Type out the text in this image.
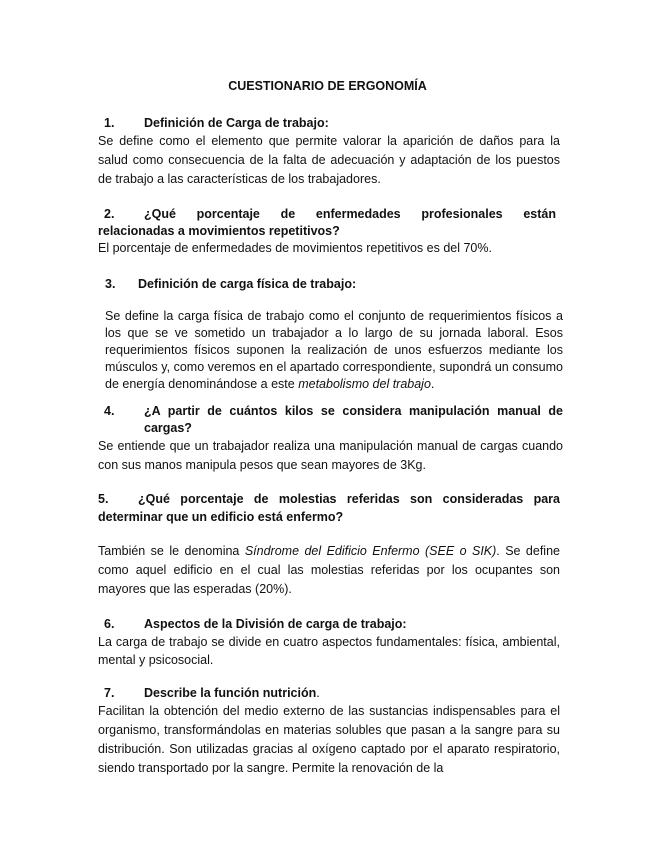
CUESTIONARIO DE ERGONOMÍA
1. Definición de Carga de trabajo:
Se define como el elemento que permite valorar la aparición de daños para la salud como consecuencia de la falta de adecuación y adaptación de los puestos de trabajo a las características de los trabajadores.
2. ¿Qué porcentaje de enfermedades profesionales están
relacionadas a movimientos repetitivos?
El porcentaje de enfermedades de movimientos repetitivos es del 70%.
3. Definición de carga física de trabajo:
Se define la carga física de trabajo como el conjunto de requerimientos físicos a los que se ve sometido un trabajador a lo largo de su jornada laboral. Esos requerimientos físicos suponen la realización de unos esfuerzos mediante los músculos y, como veremos en el apartado correspondiente, supondrá un consumo de energía denominándose a este metabolismo del trabajo.
4.	¿A partir de cuántos kilos se considera manipulación manual de cargas?
Se entiende que un trabajador realiza una manipulación manual de cargas cuando con sus manos manipula pesos que sean mayores de 3Kg.
5. ¿Qué porcentaje de molestias referidas son consideradas para determinar que un edificio está enfermo?
También se le denomina Síndrome del Edificio Enfermo (SEE o SIK). Se define como aquel edificio en el cual las molestias referidas por los ocupantes son mayores que las esperadas (20%).
6. Aspectos de la División de carga de trabajo:
La carga de trabajo se divide en cuatro aspectos fundamentales: física, ambiental, mental y psicosocial.
7. Describe la función nutrición.
Facilitan la obtención del medio externo de las sustancias indispensables para el organismo, transformándolas en materias solubles que pasan a la sangre para su distribución. Son utilizadas gracias al oxígeno captado por el aparato respiratorio, siendo transportado por la sangre. Permite la renovación de la
